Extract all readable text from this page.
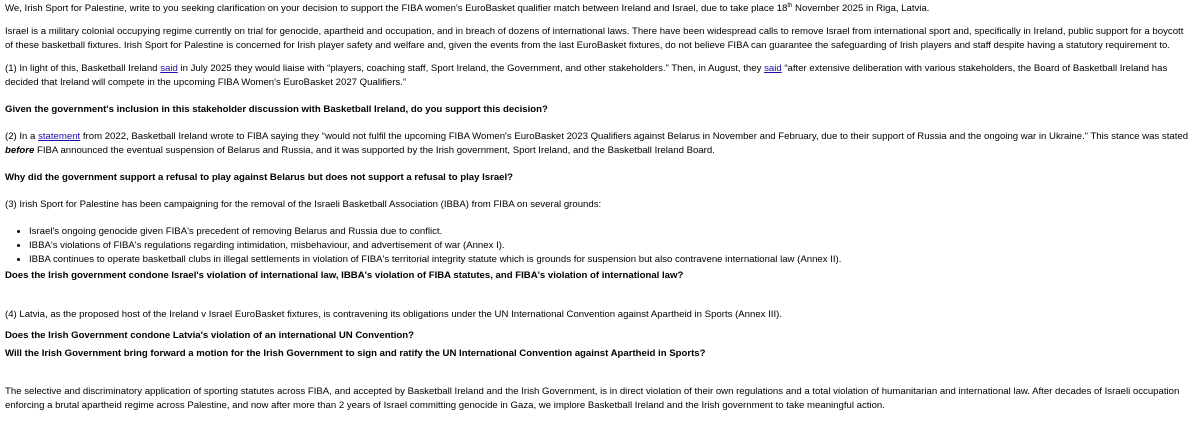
We, Irish Sport for Palestine, write to you seeking clarification on your decision to support the FIBA women's EuroBasket qualifier match between Ireland and Israel, due to take place 18th November 2025 in Riga, Latvia.

Israel is a military colonial occupying regime currently on trial for genocide, apartheid and occupation, and in breach of dozens of international laws. There have been widespread calls to remove Israel from international sport and, specifically in Ireland, public support for a boycott of these basketball fixtures. Irish Sport for Palestine is concerned for Irish player safety and welfare and, given the events from the last EuroBasket fixtures, do not believe FIBA can guarantee the safeguarding of Irish players and staff despite having a statutory requirement to.

(1) In light of this, Basketball Ireland said in July 2025 they would liaise with “players, coaching staff, Sport Ireland, the Government, and other stakeholders.” Then, in August, they said “after extensive deliberation with various stakeholders, the Board of Basketball Ireland has decided that Ireland will compete in the upcoming FIBA Women's EuroBasket 2027 Qualifiers.”

Given the government's inclusion in this stakeholder discussion with Basketball Ireland, do you support this decision?

(2) In a statement from 2022, Basketball Ireland wrote to FIBA saying they “would not fulfil the upcoming FIBA Women's EuroBasket 2023 Qualifiers against Belarus in November and February, due to their support of Russia and the ongoing war in Ukraine.” This stance was stated before FIBA announced the eventual suspension of Belarus and Russia, and it was supported by the Irish government, Sport Ireland, and the Basketball Ireland Board.

Why did the government support a refusal to play against Belarus but does not support a refusal to play Israel?

(3) Irish Sport for Palestine has been campaigning for the removal of the Israeli Basketball Association (IBBA) from FIBA on several grounds:

• Israel's ongoing genocide given FIBA's precedent of removing Belarus and Russia due to conflict.
• IBBA's violations of FIBA's regulations regarding intimidation, misbehaviour, and advertisement of war (Annex I).
• IBBA continues to operate basketball clubs in illegal settlements in violation of FIBA's territorial integrity statute which is grounds for suspension but also contravene international law (Annex II).

Does the Irish government condone Israel's violation of international law, IBBA's violation of FIBA statutes, and FIBA's violation of international law?

(4) Latvia, as the proposed host of the Ireland v Israel EuroBasket fixtures, is contravening its obligations under the UN International Convention against Apartheid in Sports (Annex III).

Does the Irish Government condone Latvia's violation of an international UN Convention?

Will the Irish Government bring forward a motion for the Irish Government to sign and ratify the UN International Convention against Apartheid in Sports?

The selective and discriminatory application of sporting statutes across FIBA, and accepted by Basketball Ireland and the Irish Government, is in direct violation of their own regulations and a total violation of humanitarian and international law. After decades of Israeli occupation enforcing a brutal apartheid regime across Palestine, and now after more than 2 years of Israel committing genocide in Gaza, we implore Basketball Ireland and the Irish government to take meaningful action.
